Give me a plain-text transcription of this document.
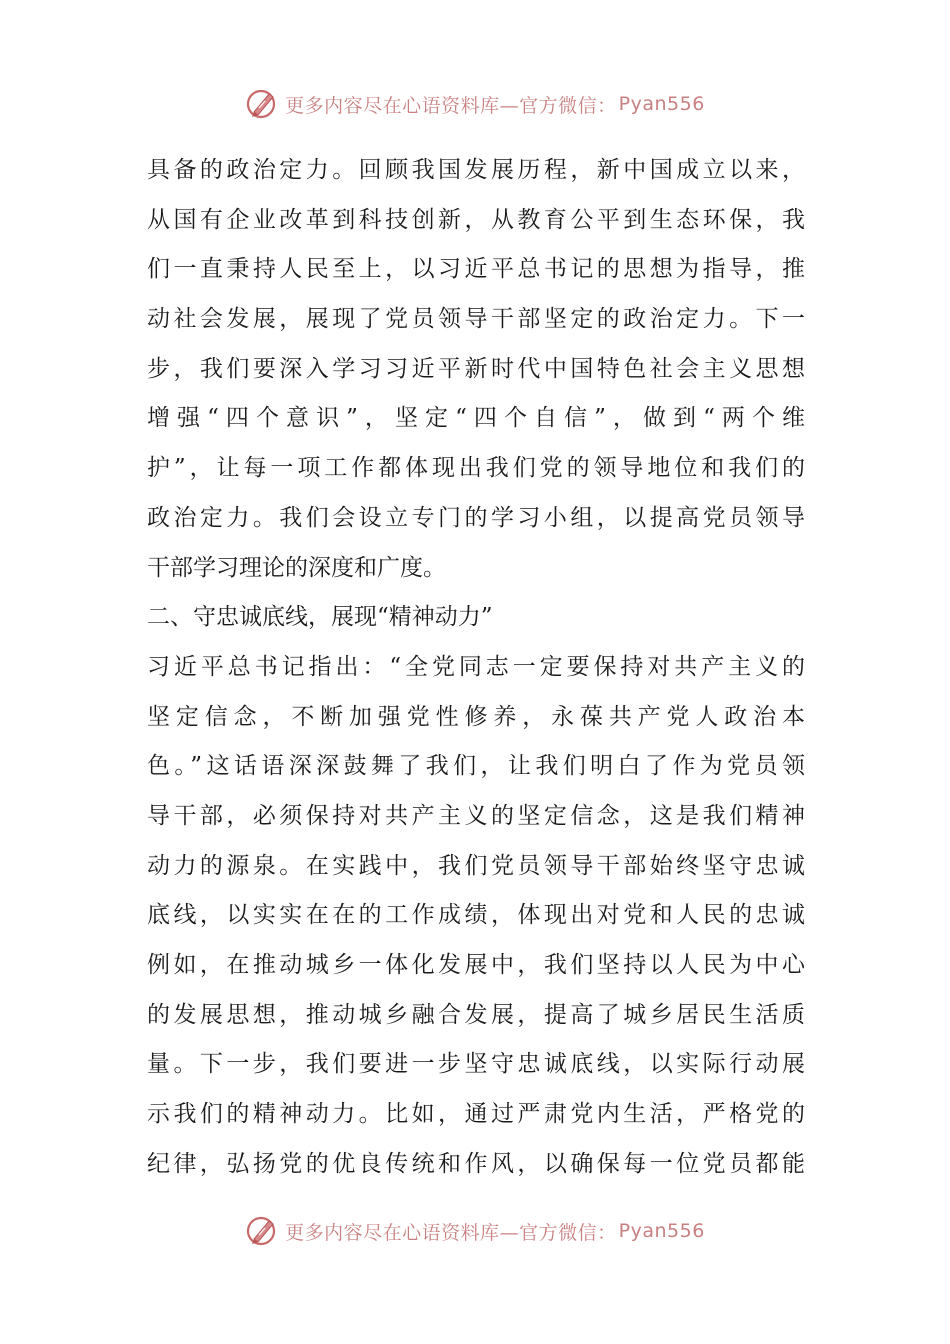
更多内容尽在心语资料库—官方微信： Pyan556
具备的政治定力。回顾我国发展历程，新中国成立以来，
从国有企业改革到科技创新，从教育公平到生态环保，我
们一直秉持人民至上，以习近平总书记的思想为指导，推
动社会发展，展现了党员领导干部坚定的政治定力。下一
步，我们要深入学习习近平新时代中国特色社会主义思想
增强“四个意识”，坚定“四个自信”，做到“两个维
护”，让每一项工作都体现出我们党的领导地位和我们的
政治定力。我们会设立专门的学习小组，以提高党员领导
干部学习理论的深度和广度。
二、守忠诚底线，展现“精神动力”
习近平总书记指出：“全党同志一定要保持对共产主义的
坚定信念，不断加强党性修养，永葆共产党人政治本
色。”这话语深深鼓舞了我们，让我们明白了作为党员领
导干部，必须保持对共产主义的坚定信念，这是我们精神
动力的源泉。在实践中，我们党员领导干部始终坚守忠诚
底线，以实实在在的工作成绩，体现出对党和人民的忠诚
例如，在推动城乡一体化发展中，我们坚持以人民为中心
的发展思想，推动城乡融合发展，提高了城乡居民生活质
量。下一步，我们要进一步坚守忠诚底线，以实际行动展
示我们的精神动力。比如，通过严肃党内生活，严格党的
纪律，弘扬党的优良传统和作风，以确保每一位党员都能
更多内容尽在心语资料库—官方微信： Pyan556
